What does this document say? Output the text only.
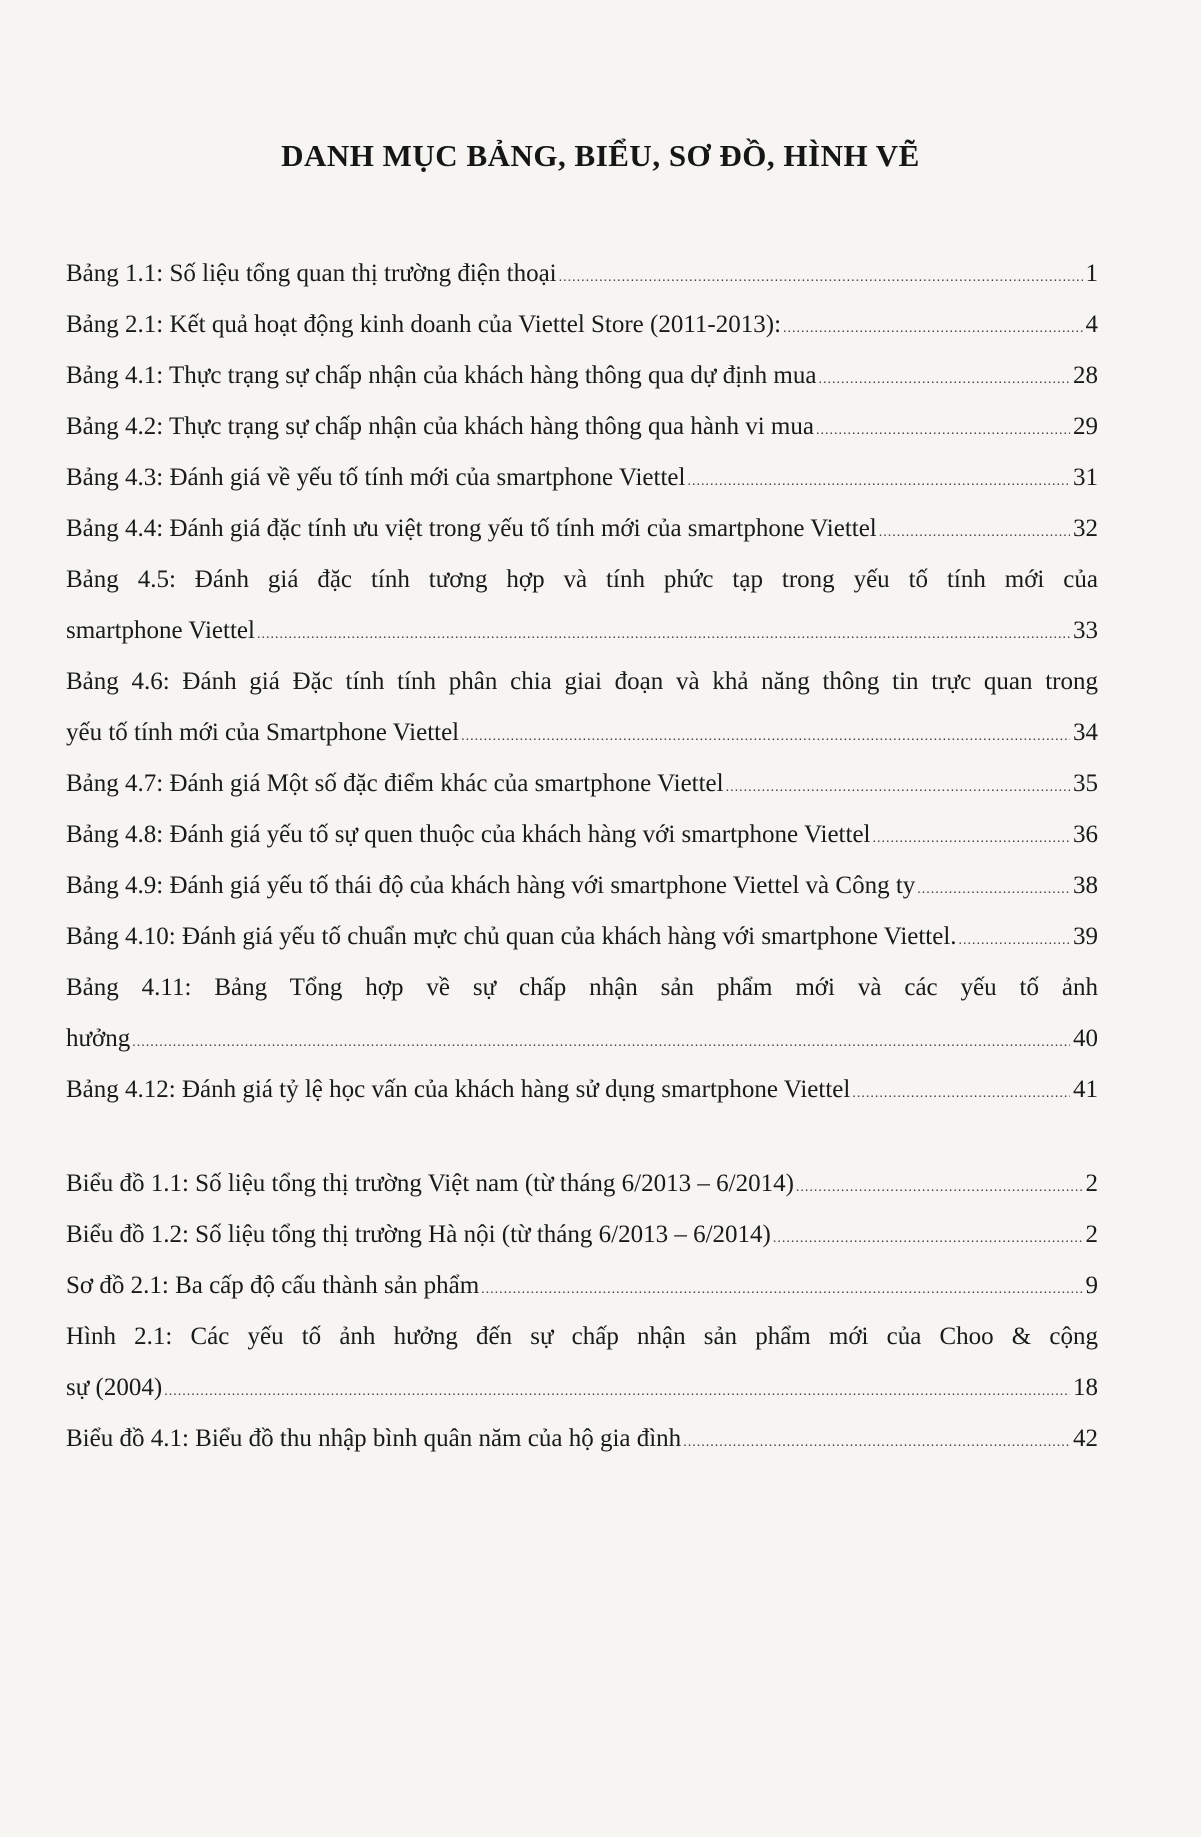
DANH MỤC BẢNG, BIỂU, SƠ ĐỒ, HÌNH VẼ
Bảng 1.1: Số liệu tổng quan thị trường điện thoại .....	1
Bảng 2.1: Kết quả hoạt động kinh doanh của Viettel Store (2011-2013): .....	4
Bảng 4.1: Thực trạng sự chấp nhận của khách hàng thông qua dự định mua .....	28
Bảng 4.2: Thực trạng sự chấp nhận của khách hàng thông qua hành vi mua .....	29
Bảng 4.3: Đánh giá về yếu tố tính mới của smartphone Viettel .....	31
Bảng 4.4: Đánh giá đặc tính ưu việt trong yếu tố tính mới của smartphone Viettel .....	32
Bảng 4.5: Đánh giá đặc tính tương hợp và tính phức tạp trong yếu tố tính mới của
smartphone Viettel .....	33
Bảng 4.6: Đánh giá Đặc tính tính phân chia giai đoạn và khả năng thông tin trực quan trong
yếu tố tính mới của Smartphone Viettel .....	34
Bảng 4.7: Đánh giá Một số đặc điểm khác của smartphone Viettel .....	35
Bảng 4.8: Đánh giá yếu tố sự quen thuộc của khách hàng với smartphone Viettel .....	36
Bảng 4.9: Đánh giá yếu tố thái độ của khách hàng với smartphone Viettel và Công ty .....	38
Bảng 4.10: Đánh giá yếu tố chuẩn mực chủ quan của khách hàng với smartphone Viettel. .....	39
Bảng 4.11: Bảng Tổng hợp về sự chấp nhận sản phẩm mới và các yếu tố ảnh
hưởng .....	40
Bảng 4.12: Đánh giá tỷ lệ học vấn của khách hàng sử dụng smartphone Viettel .....	41
Biểu đồ 1.1: Số liệu tổng thị trường Việt nam (từ tháng 6/2013 – 6/2014) .....	2
Biểu đồ 1.2: Số liệu tổng thị trường Hà nội (từ tháng 6/2013 – 6/2014) .....	2
Sơ đồ 2.1: Ba cấp độ cấu thành sản phẩm .....	9
Hình 2.1: Các yếu tố ảnh hưởng đến sự chấp nhận sản phẩm mới của Choo & cộng
sự (2004) .....	18
Biểu đồ 4.1: Biểu đồ thu nhập bình quân năm của hộ gia đình .....	42
